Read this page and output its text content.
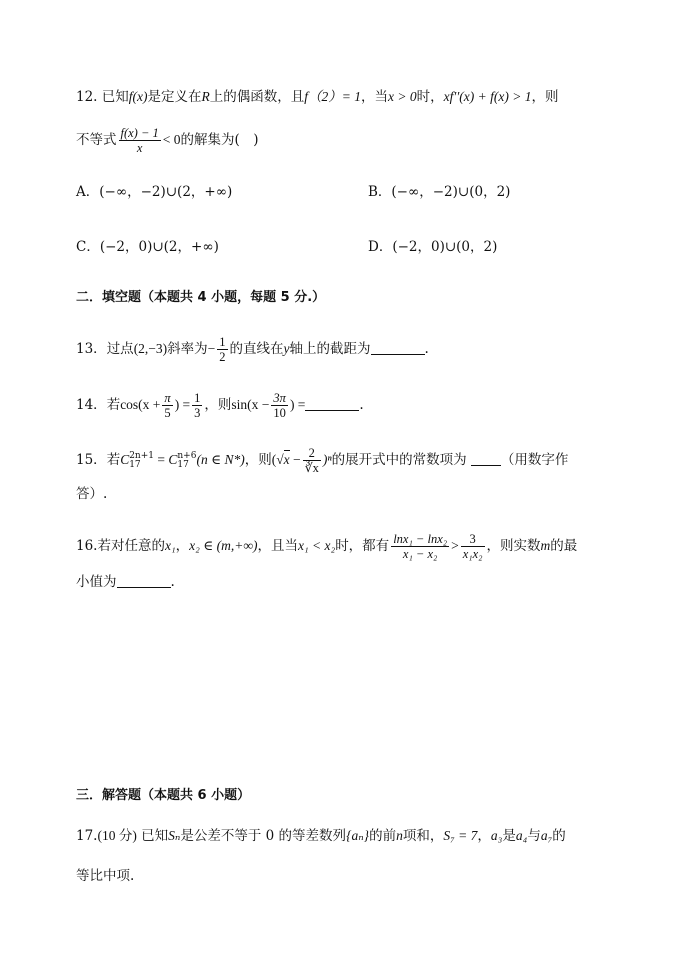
12. 已知f(x)是定义在R上的偶函数，且f（2）= 1，当x > 0时，xf′′(x) + f(x) > 1，则
不等式 $\frac{f(x) - 1}{x} < 0$的解集为(　)
A．(−∞，−2)∪(2，+∞)	B．(−∞，−2)∪(0，2)
C．(−2，0)∪(2，+∞)	D．(−2，0)∪(0，2)
二．填空题（本题共 4 小题，每题 5 分.）
13．过点(2,−3)斜率为− $\frac{1}{2}$ 的直线在y轴上的截距为	.
14．若$\cos(x + \frac{\pi}{5}$ ) = $\frac{1}{3}$ ，则$\sin(x - \frac{3\pi}{10}$ ) =	.
15．若C 2n+1
17 = C n+6
17 (n ∈ N*)，则$(√x - \frac{2}{∛x} )^n$的展开式中的常数项为	（用数字作
答）.
16.若对任意的x₁，x₂ ∈ (m,+∞)，且当x₁ < x₂时，都有 $\frac{\text{lnx₁ − lnx₂}}{\text{x₁ − x₂}} > \frac{3}{\text{x₁x₂}}$ ，则实数m的最
小值为	.
三．解答题（本题共 6 小题）
17.(10 分) 已知Sₙ是公差不等于 0 的等差数列{aₙ}的前n项和，S₇ = 7，a₃是a₄与a₇的
等比中项.
